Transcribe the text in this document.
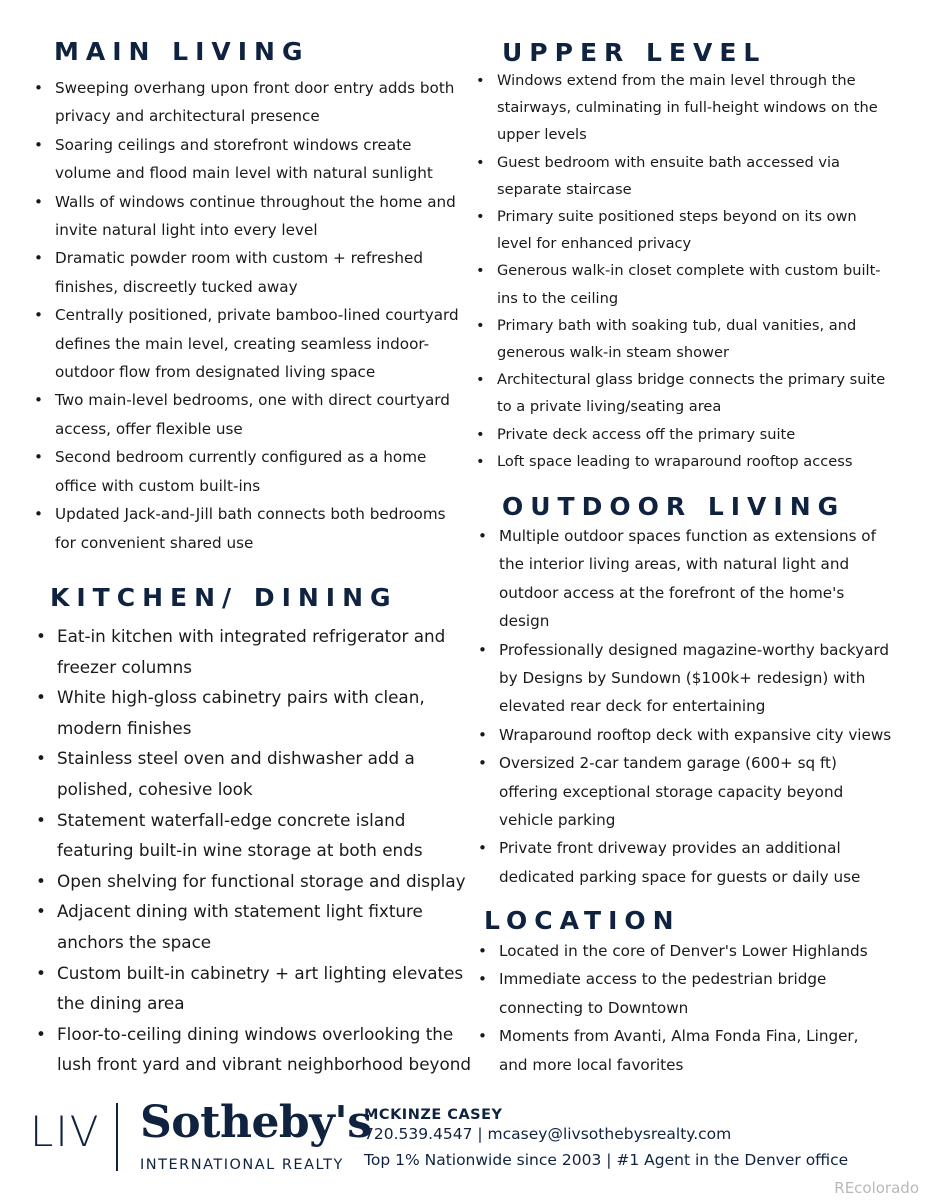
MAIN LIVING
• Sweeping overhang upon front door entry adds both
privacy and architectural presence
• Soaring ceilings and storefront windows create
volume and flood main level with natural sunlight
• Walls of windows continue throughout the home and
invite natural light into every level
• Dramatic powder room with custom + refreshed
finishes, discreetly tucked away
• Centrally positioned, private bamboo-lined courtyard
defines the main level, creating seamless indoor-
outdoor flow from designated living space
• Two main-level bedrooms, one with direct courtyard
access, offer flexible use
• Second bedroom currently configured as a home
office with custom built-ins
• Updated Jack-and-Jill bath connects both bedrooms
for convenient shared use
KITCHEN/ DINING
• Eat-in kitchen with integrated refrigerator and
freezer columns
• White high-gloss cabinetry pairs with clean,
modern finishes
• Stainless steel oven and dishwasher add a
polished, cohesive look
• Statement waterfall-edge concrete island
featuring built-in wine storage at both ends
• Open shelving for functional storage and display
• Adjacent dining with statement light fixture
anchors the space
• Custom built-in cabinetry + art lighting elevates
the dining area
• Floor-to-ceiling dining windows overlooking the
lush front yard and vibrant neighborhood beyond
UPPER LEVEL
• Windows extend from the main level through the
stairways, culminating in full-height windows on the
upper levels
• Guest bedroom with ensuite bath accessed via
separate staircase
• Primary suite positioned steps beyond on its own
level for enhanced privacy
• Generous walk-in closet complete with custom built-
ins to the ceiling
• Primary bath with soaking tub, dual vanities, and
generous walk-in steam shower
• Architectural glass bridge connects the primary suite
to a private living/seating area
• Private deck access off the primary suite
• Loft space leading to wraparound rooftop access
OUTDOOR LIVING
• Multiple outdoor spaces function as extensions of
the interior living areas, with natural light and
outdoor access at the forefront of the home's
design
• Professionally designed magazine-worthy backyard
by Designs by Sundown ($100k+ redesign) with
elevated rear deck for entertaining
• Wraparound rooftop deck with expansive city views
• Oversized 2-car tandem garage (600+ sq ft)
offering exceptional storage capacity beyond
vehicle parking
• Private front driveway provides an additional
dedicated parking space for guests or daily use
LOCATION
• Located in the core of Denver's Lower Highlands
• Immediate access to the pedestrian bridge
connecting to Downtown
• Moments from Avanti, Alma Fonda Fina, Linger,
and more local favorites
LIV Sotheby's
INTERNATIONAL REALTY
MCKINZE CASEY
720.539.4547 | mcasey@livsothebysrealty.com
Top 1% Nationwide since 2003 | #1 Agent in the Denver office
REcolorado
